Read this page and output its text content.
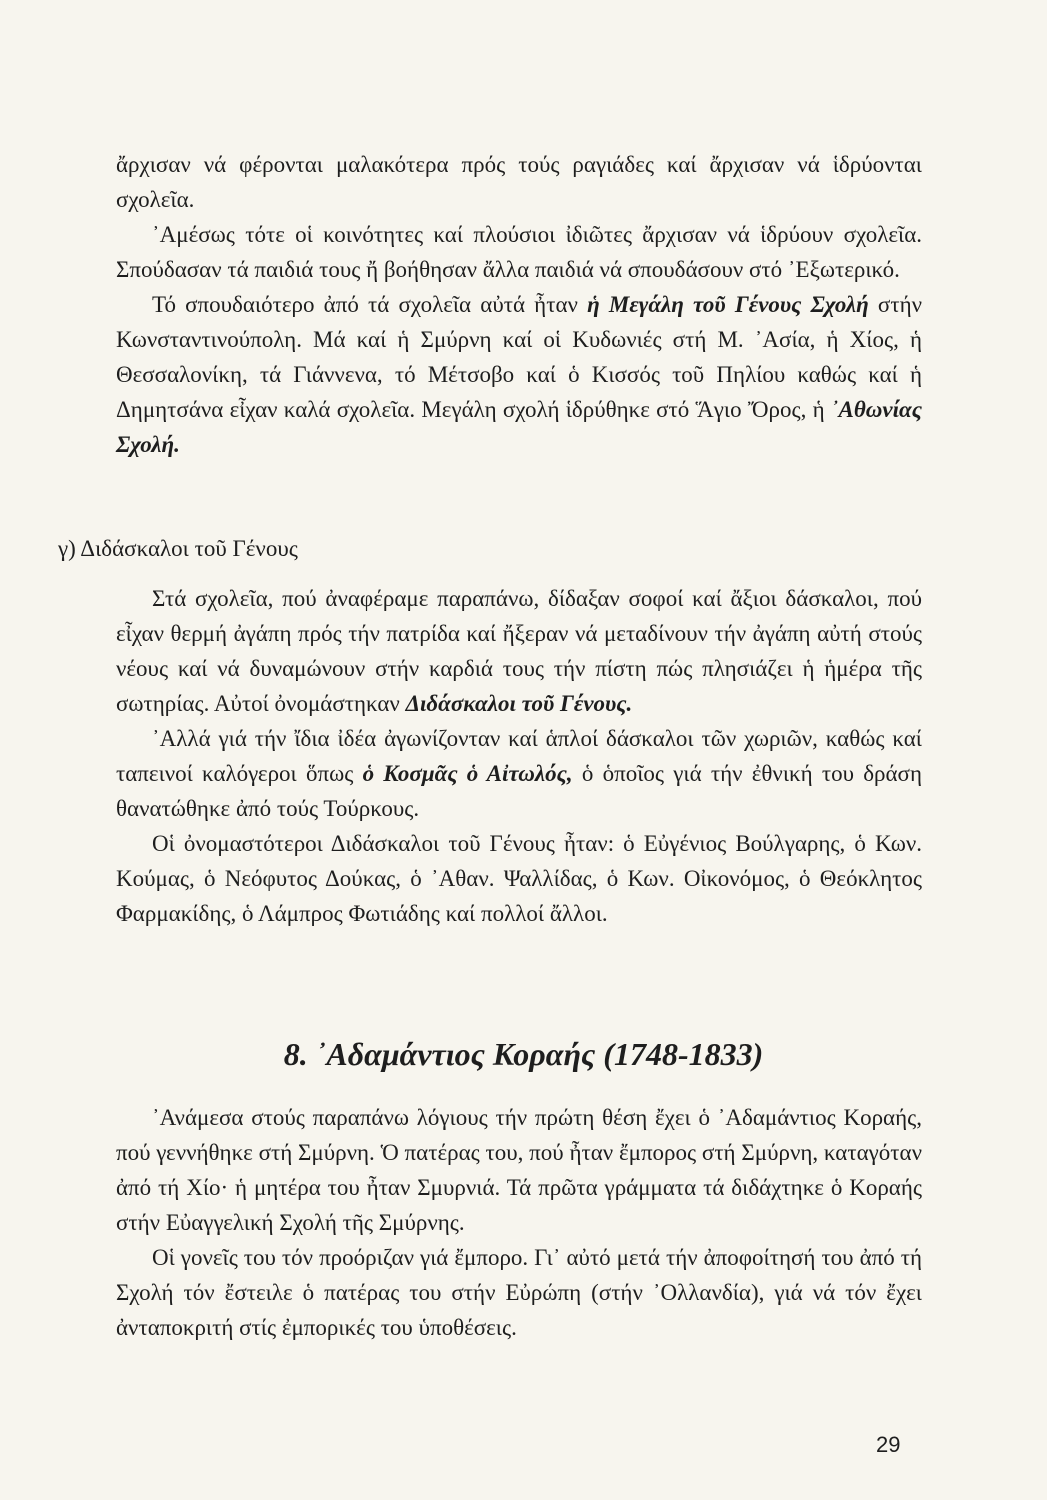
ἄρχισαν νά φέρονται μαλακότερα πρός τούς ραγιάδες καί ἄρχισαν νά ἱδρύονται σχολεῖα.

᾿Αμέσως τότε οἱ κοινότητες καί πλούσιοι ἰδιῶτες ἄρχισαν νά ἱδρύουν σχολεῖα. Σπούδασαν τά παιδιά τους ἤ βοήθησαν ἄλλα παιδιά νά σπουδάσουν στό ᾿Εξωτερικό.

Τό σπουδαιότερο ἀπό τά σχολεῖα αὐτά ἦταν ἡ Μεγάλη τοῦ Γένους Σχολή στήν Κωνσταντινούπολη. Μά καί ἡ Σμύρνη καί οἱ Κυδωνιές στή Μ. ᾿Ασία, ἡ Χίος, ἡ Θεσσαλονίκη, τά Γιάννενα, τό Μέτσοβο καί ὁ Κισσός τοῦ Πηλίου καθώς καί ἡ Δημητσάνα εἶχαν καλά σχολεῖα. Μεγάλη σχολή ἱδρύθηκε στό Ἅγιο Ὄρος, ἡ ᾿Αθωνίας Σχολή.

γ) Διδάσκαλοι τοῦ Γένους

Στά σχολεῖα, πού ἀναφέραμε παραπάνω, δίδαξαν σοφοί καί ἄξιοι δάσκαλοι, πού εἶχαν θερμή ἀγάπη πρός τήν πατρίδα καί ἤξεραν νά μεταδίνουν τήν ἀγάπη αὐτή στούς νέους καί νά δυναμώνουν στήν καρδιά τους τήν πίστη πώς πλησιάζει ἡ ἡμέρα τῆς σωτηρίας. Αὐτοί ὀνομάστηκαν Διδάσκαλοι τοῦ Γένους.

᾿Αλλά γιά τήν ἴδια ἰδέα ἀγωνίζονταν καί ἁπλοί δάσκαλοι τῶν χωριῶν, καθώς καί ταπεινοί καλόγεροι ὅπως ὁ Κοσμᾶς ὁ Αἰτωλός, ὁ ὁποῖος γιά τήν ἐθνική του δράση θανατώθηκε ἀπό τούς Τούρκους.

Οἱ ὀνομαστότεροι Διδάσκαλοι τοῦ Γένους ἦταν: ὁ Εὐγένιος Βούλγαρης, ὁ Κων. Κούμας, ὁ Νεόφυτος Δούκας, ὁ ᾿Αθαν. Ψαλλίδας, ὁ Κων. Οἰκονόμος, ὁ Θεόκλητος Φαρμακίδης, ὁ Λάμπρος Φωτιάδης καί πολλοί ἄλλοι.

8. ᾿Αδαμάντιος Κοραής (1748-1833)

᾿Ανάμεσα στούς παραπάνω λόγιους τήν πρώτη θέση ἔχει ὁ ᾿Αδαμάντιος Κοραής, πού γεννήθηκε στή Σμύρνη. Ὁ πατέρας του, πού ἦταν ἔμπορος στή Σμύρνη, καταγόταν ἀπό τή Χίο· ἡ μητέρα του ἦταν Σμυρνιά. Τά πρῶτα γράμματα τά διδάχτηκε ὁ Κοραής στήν Εὐαγγελική Σχολή τῆς Σμύρνης.

Οἱ γονεῖς του τόν προόριζαν γιά ἔμπορο. Γι᾿ αὐτό μετά τήν ἀποφοίτησή του ἀπό τή Σχολή τόν ἔστειλε ὁ πατέρας του στήν Εὐρώπη (στήν ᾿Ολλανδία), γιά νά τόν ἔχει ἀνταποκριτή στίς ἐμπορικές του ὑποθέσεις.

29
